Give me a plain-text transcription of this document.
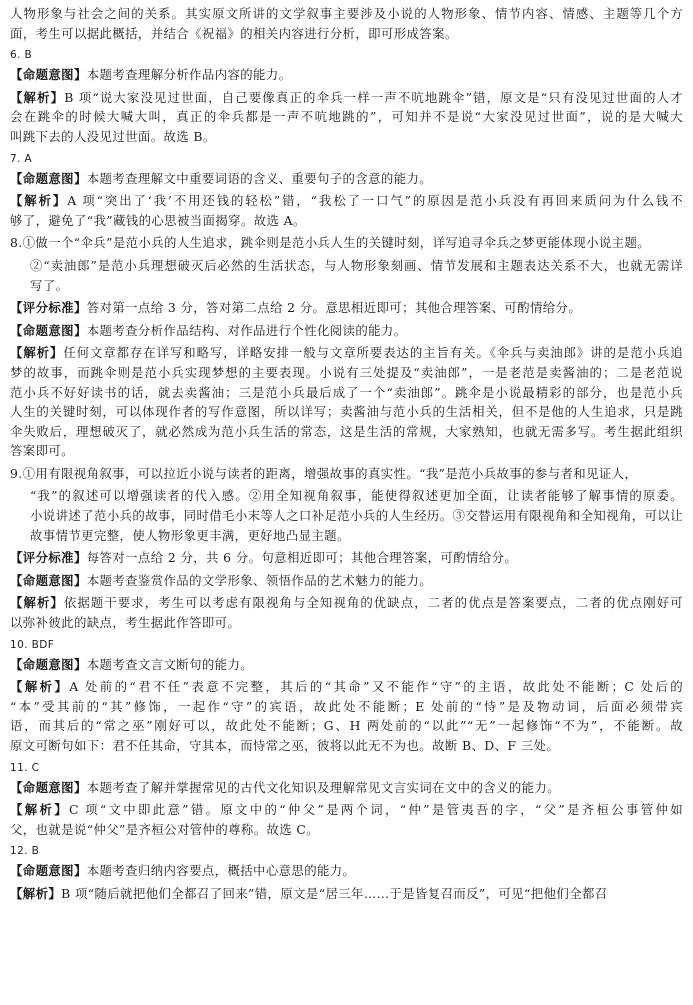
人物形象与社会之间的关系。其实原文所讲的文学叙事主要涉及小说的人物形象、情节内容、情感、主题等几个方
面，考生可以据此概括，并结合《祝福》的相关内容进行分析，即可形成答案。
6. B
【命题意图】本题考查理解分析作品内容的能力。
【解析】B 项“说大家没见过世面，自己要像真正的伞兵一样一声不吭地跳伞”错，原文是“只有没见过世面的人才
会在跳伞的时候大喊大叫，真正的伞兵都是一声不吭地跳的”，可知并不是说“大家没见过世面”，说的是大喊大
叫跳下去的人没见过世面。故选 B。
7. A
【命题意图】本题考查理解文中重要词语的含义、重要句子的含意的能力。
【解析】A 项“突出了‘我’不用还钱的轻松”错，“我松了一口气”的原因是范小兵没有再回来质问为什么钱不
够了，避免了“我”藏钱的心思被当面揭穿。故选 A。
8.①做一个“伞兵”是范小兵的人生追求，跳伞则是范小兵人生的关键时刻，详写追寻伞兵之梦更能体现小说主题。
②“卖油郎”是范小兵理想破灭后必然的生活状态，与人物形象刻画、情节发展和主题表达关系不大，也就无需详
写了。
【评分标准】答对第一点给 3 分，答对第二点给 2 分。意思相近即可；其他合理答案、可酌情给分。
【命题意图】本题考查分析作品结构、对作品进行个性化阅读的能力。
【解析】任何文章都存在详写和略写，详略安排一般与文章所要表达的主旨有关。《伞兵与卖油郎》讲的是范小兵追
梦的故事，而跳伞则是范小兵实现梦想的主要表现。小说有三处提及“卖油郎”，一是老范是卖酱油的；二是老范说
范小兵不好好读书的话，就去卖酱油；三是范小兵最后成了一个“卖油郎”。跳伞是小说最精彩的部分，也是范小兵
人生的关键时刻，可以体现作者的写作意图，所以详写；卖酱油与范小兵的生活相关，但不是他的人生追求，只是跳
伞失败后，理想破灭了，就必然成为范小兵生活的常态，这是生活的常规，大家熟知，也就无需多写。考生据此组织
答案即可。
9.①用有限视角叙事，可以拉近小说与读者的距离，增强故事的真实性。“我”是范小兵故事的参与者和见证人，
“我”的叙述可以增强读者的代入感。②用全知视角叙事，能使得叙述更加全面，让读者能够了解事情的原委。
小说讲述了范小兵的故事，同时借毛小末等人之口补足范小兵的人生经历。③交替运用有限视角和全知视角，可以让
故事情节更完整，使人物形象更丰满，更好地凸显主题。
【评分标准】每答对一点给 2 分，共 6 分。句意相近即可；其他合理答案，可酌情给分。
【命题意图】本题考查鉴赏作品的文学形象、领悟作品的艺术魅力的能力。
【解析】依据题干要求，考生可以考虑有限视角与全知视角的优缺点，二者的优点是答案要点，二者的优点刚好可
以弥补彼此的缺点，考生据此作答即可。
10. BDF
【命题意图】本题考查文言文断句的能力。
【解析】A 处前的“君不任”表意不完整，其后的“其命”又不能作“守”的主语，故此处不能断；C 处后的
“本”受其前的“其”修饰，一起作“守”的宾语，故此处不能断；E 处前的“恃”是及物动词，后面必须带宾
语，而其后的“常之巫”刚好可以，故此处不能断；G、H 两处前的“以此”“无”一起修饰“不为”，不能断。故
原文可断句如下：君不任其命，守其本，而恃常之巫，彼将以此无不为也。故断 B、D、F 三处。
11. C
【命题意图】本题考查了解并掌握常见的古代文化知识及理解常见文言实词在文中的含义的能力。
【解析】C 项“文中即此意”错。原文中的“仲父”是两个词，“仲”是管夷吾的字，“父”是齐桓公事管仲如
父，也就是说“仲父”是齐桓公对管仲的尊称。故选 C。
12. B
【命题意图】本题考查归纳内容要点，概括中心意思的能力。
【解析】B 项“随后就把他们全都召了回来”错，原文是“居三年……于是皆复召而反”，可见“把他们全都召
